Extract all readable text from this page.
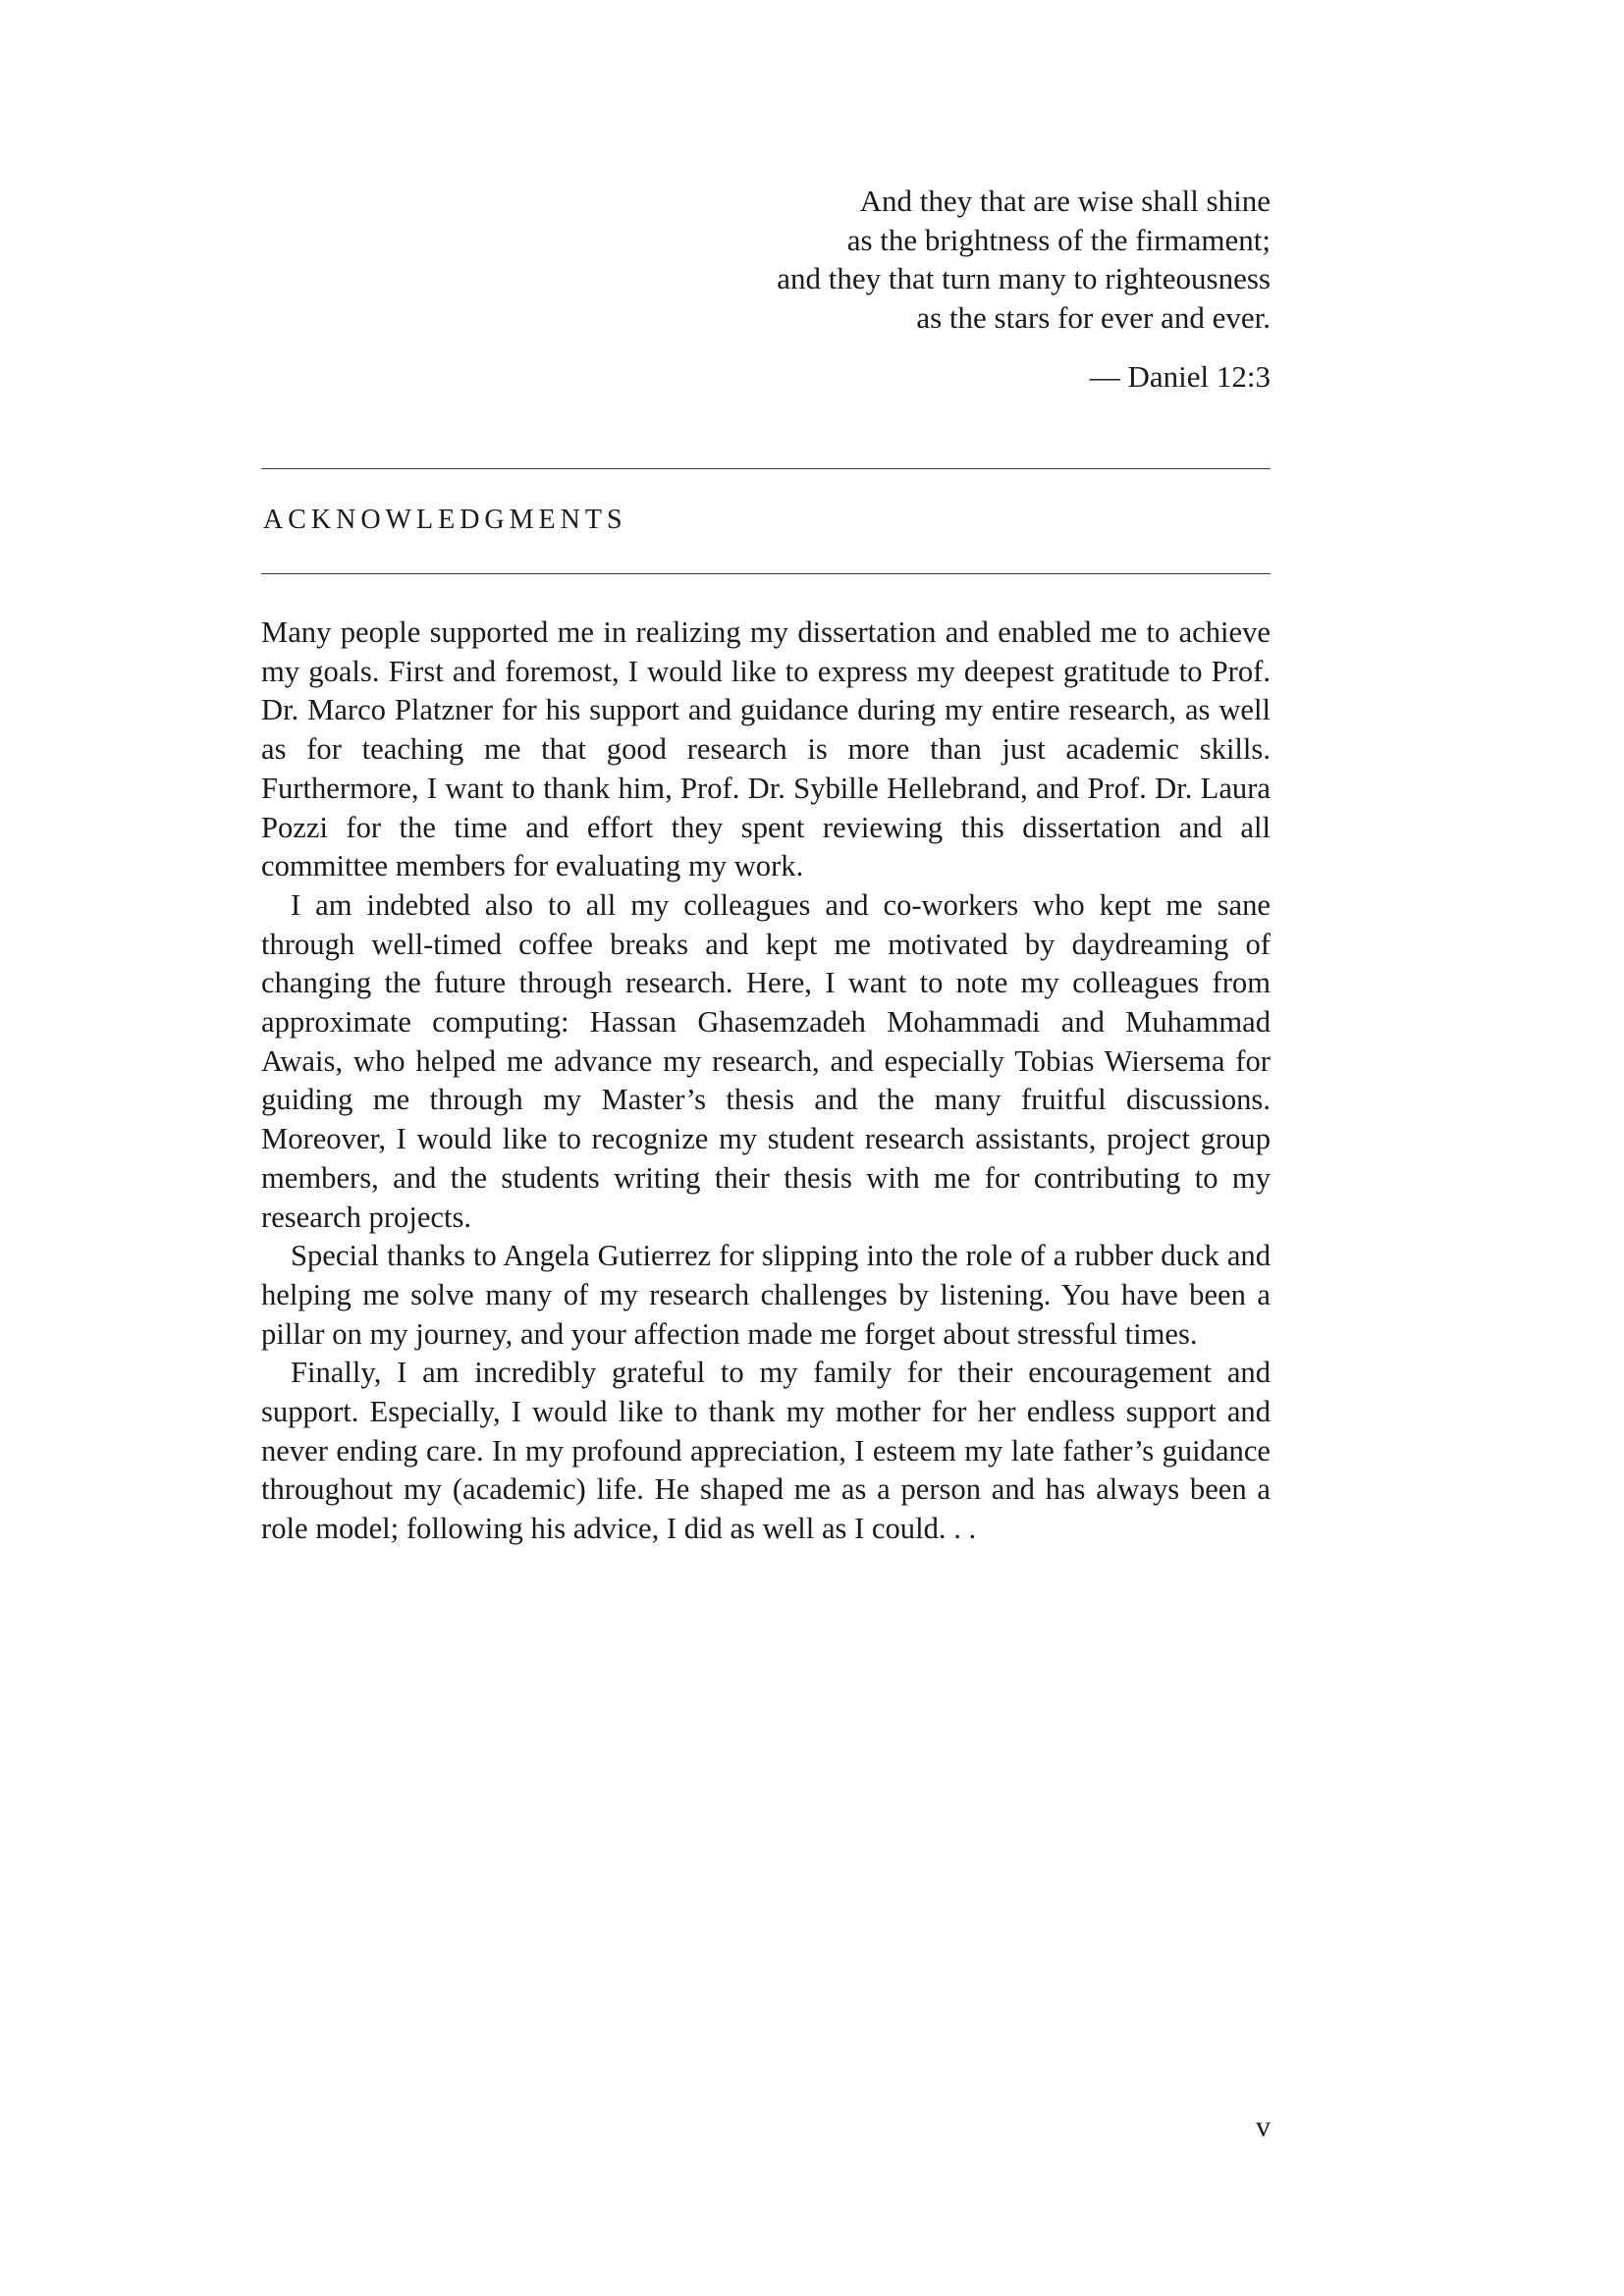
And they that are wise shall shine
as the brightness of the firmament;
and they that turn many to righteousness
as the stars for ever and ever.
— Daniel 12:3
ACKNOWLEDGMENTS

Many people supported me in realizing my dissertation and enabled me to achieve my goals. First and foremost, I would like to express my deepest gratitude to Prof. Dr. Marco Platzner for his support and guidance during my entire research, as well as for teaching me that good research is more than just academic skills. Furthermore, I want to thank him, Prof. Dr. Sybille Hellebrand, and Prof. Dr. Laura Pozzi for the time and effort they spent reviewing this dissertation and all committee members for evaluating my work.

I am indebted also to all my colleagues and co-workers who kept me sane through well-timed coffee breaks and kept me motivated by daydreaming of changing the future through research. Here, I want to note my colleagues from approximate computing: Hassan Ghasemzadeh Mohammadi and Muhammad Awais, who helped me advance my research, and especially Tobias Wiersema for guiding me through my Master’s thesis and the many fruitful discussions. Moreover, I would like to recognize my student research assistants, project group members, and the students writing their thesis with me for contributing to my research projects.

Special thanks to Angela Gutierrez for slipping into the role of a rubber duck and helping me solve many of my research challenges by listening. You have been a pillar on my journey, and your affection made me forget about stressful times.

Finally, I am incredibly grateful to my family for their encouragement and support. Especially, I would like to thank my mother for her endless support and never ending care. In my profound appreciation, I esteem my late father’s guidance throughout my (academic) life. He shaped me as a person and has always been a role model; following his advice, I did as well as I could. . .

v
